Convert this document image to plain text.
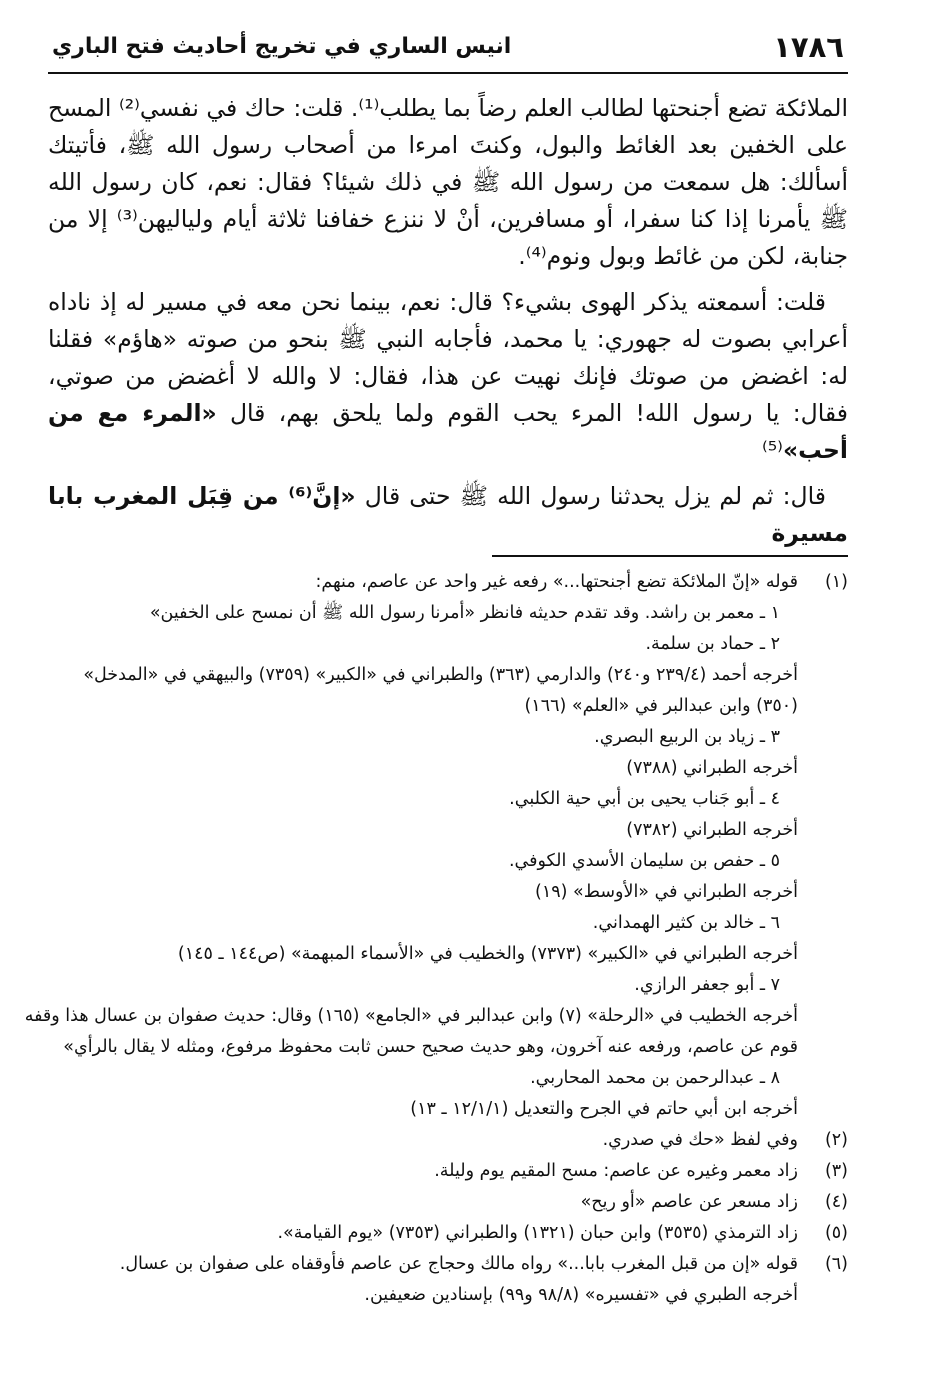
١٧٨٦
انيس الساري في تخريج أحاديث فتح الباري

الملائكة تضع أجنحتها لطالب العلم رضاً بما يطلب⁽¹⁾. قلت: حاك في نفسي⁽²⁾ المسح على الخفين بعد الغائط والبول، وكنتَ امرءا من أصحاب رسول الله ﷺ، فأتيتك أسألك: هل سمعت من رسول الله ﷺ في ذلك شيئا؟ فقال: نعم، كان رسول الله ﷺ يأمرنا إذا كنا سفرا، أو مسافرين، أنْ لا ننزع خفافنا ثلاثة أيام ولياليهن⁽³⁾ إلا من جنابة، لكن من غائط وبول ونوم⁽⁴⁾.

قلت: أسمعته يذكر الهوى بشيء؟ قال: نعم، بينما نحن معه في مسير له إذ ناداه أعرابي بصوت له جهوري: يا محمد، فأجابه النبي ﷺ بنحو من صوته «هاؤم» فقلنا له: اغضض من صوتك فإنك نهيت عن هذا، فقال: لا والله لا أغضض من صوتي، فقال: يا رسول الله! المرء يحب القوم ولما يلحق بهم، قال «المرء مع من أحب»⁽⁵⁾

قال: ثم لم يزل يحدثنا رسول الله ﷺ حتى قال «إنَّ⁽⁶⁾ من قِبَل المغرب بابا مسيرة

(١)
قوله «إنّ الملائكة تضع أجنحتها...» رفعه غير واحد عن عاصم، منهم:
١ ـ معمر بن راشد. وقد تقدم حديثه فانظر «أمرنا رسول الله ﷺ أن نمسح على الخفين»
٢ ـ حماد بن سلمة.
أخرجه أحمد (٢٣٩/٤ و٢٤٠) والدارمي (٣٦٣) والطبراني في «الكبير» (٧٣٥٩) والبيهقي في «المدخل»
(٣٥٠) وابن عبدالبر في «العلم» (١٦٦)
٣ ـ زياد بن الربيع البصري.
أخرجه الطبراني (٧٣٨٨)
٤ ـ أبو جَناب يحيى بن أبي حية الكلبي.
أخرجه الطبراني (٧٣٨٢)
٥ ـ حفص بن سليمان الأسدي الكوفي.
أخرجه الطبراني في «الأوسط» (١٩)
٦ ـ خالد بن كثير الهمداني.
أخرجه الطبراني في «الكبير» (٧٣٧٣) والخطيب في «الأسماء المبهمة» (ص١٤٤ ـ ١٤٥)
٧ ـ أبو جعفر الرازي.
أخرجه الخطيب في «الرحلة» (٧) وابن عبدالبر في «الجامع» (١٦٥) وقال: حديث صفوان بن عسال هذا وقفه
قوم عن عاصم، ورفعه عنه آخرون، وهو حديث صحيح حسن ثابت محفوظ مرفوع، ومثله لا يقال بالرأي»
٨ ـ عبدالرحمن بن محمد المحاربي.
أخرجه ابن أبي حاتم في الجرح والتعديل (١٢/١/١ ـ ١٣)
(٢)
وفي لفظ «حك في صدري.
(٣)
زاد معمر وغيره عن عاصم: مسح المقيم يوم وليلة.
(٤)
زاد مسعر عن عاصم «أو ريح»
(٥)
زاد الترمذي (٣٥٣٥) وابن حبان (١٣٢١) والطبراني (٧٣٥٣) «يوم القيامة».
(٦)
قوله «إن من قبل المغرب بابا...» رواه مالك وحجاج عن عاصم فأوقفاه على صفوان بن عسال.
أخرجه الطبري في «تفسيره» (٩٨/٨ و٩٩) بإسنادين ضعيفين.
